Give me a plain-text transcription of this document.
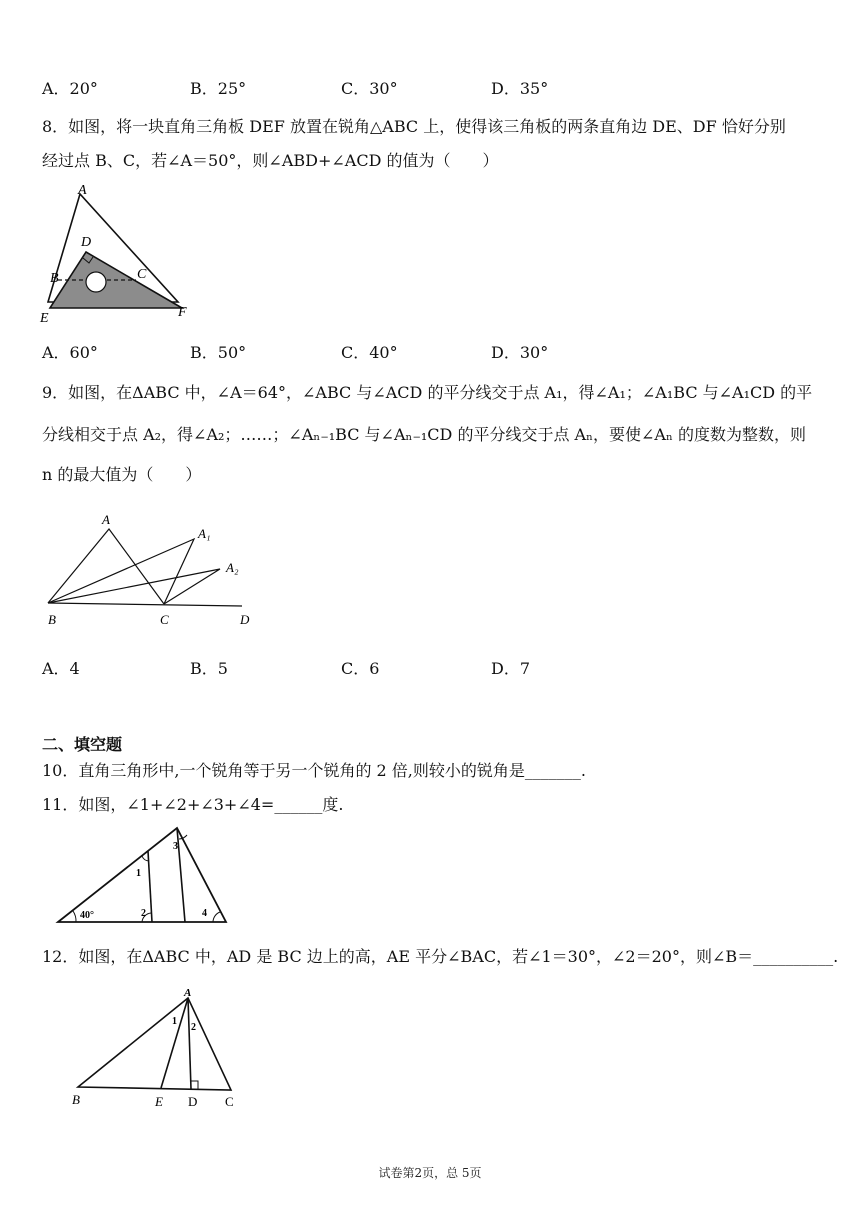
A．20°	B．25°	C．30°	D．35°
8．如图，将一块直角三角板 DEF 放置在锐角△ABC 上，使得该三角板的两条直角边 DE、DF 恰好分别
经过点 B、C，若∠A＝50°，则∠ABD+∠ACD 的值为（　　）
A
D
B	C
E	F
A．60°	B．50°	C．40°	D．30°
9．如图，在ΔABC 中，∠A＝64°，∠ABC 与∠ACD 的平分线交于点 A₁，得∠A₁；∠A₁BC 与∠A₁CD 的平
分线相交于点 A₂，得∠A₂；……；∠Aₙ₋₁BC 与∠Aₙ₋₁CD 的平分线交于点 Aₙ，要使∠Aₙ 的度数为整数，则
n 的最大值为（　　）
A
A₁
A₂
B	C	D
A．4	B．5	C．6	D．7
二、填空题
10．直角三角形中,一个锐角等于另一个锐角的 2 倍,则较小的锐角是_______.
11．如图，∠1+∠2+∠3+∠4=______度.
40°
1
2
3
4
12．如图，在ΔABC 中，AD 是 BC 边上的高，AE 平分∠BAC，若∠1＝30°，∠2＝20°，则∠B＝__________.
A
1
2
B	E D C
试卷第2页，总 5页
